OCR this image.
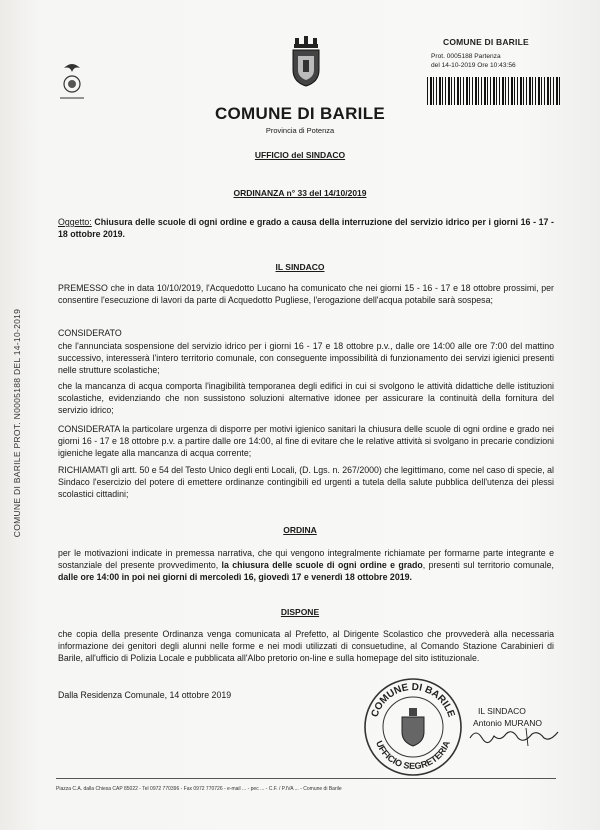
COMUNE DI BARILE PROT. N0005188 DEL 14-10-2019
COMUNE DI BARILE
Prot. 0005188 Partenza
del 14-10-2019 Ore 10:43:56
COMUNE DI BARILE
Provincia di Potenza
UFFICIO del SINDACO
ORDINANZA n° 33 del 14/10/2019
Oggetto: Chiusura delle scuole di ogni ordine e grado a causa della interruzione del servizio idrico per i giorni 16 - 17 - 18 ottobre 2019.
IL SINDACO
PREMESSO che in data 10/10/2019, l'Acquedotto Lucano ha comunicato che nei giorni 15 - 16 - 17 e 18 ottobre prossimi, per consentire l'esecuzione di lavori da parte di Acquedotto Pugliese, l'erogazione dell'acqua potabile sarà sospesa;
CONSIDERATO
che l'annunciata sospensione del servizio idrico per i giorni 16 - 17 e 18 ottobre p.v., dalle ore 14:00 alle ore 7:00 del mattino successivo, interesserà l'intero territorio comunale, con conseguente impossibilità di funzionamento dei servizi igienici presenti nelle strutture scolastiche;
che la mancanza di acqua comporta l'inagibilità temporanea degli edifici in cui si svolgono le attività didattiche delle istituzioni scolastiche, evidenziando che non sussistono soluzioni alternative idonee per assicurare la continuità della fornitura del servizio idrico;
CONSIDERATA la particolare urgenza di disporre per motivi igienico sanitari la chiusura delle scuole di ogni ordine e grado nei giorni 16 - 17 e 18 ottobre p.v. a partire dalle ore 14:00, al fine di evitare che le relative attività si svolgano in precarie condizioni igieniche legate alla mancanza di acqua corrente;
RICHIAMATI gli artt. 50 e 54 del Testo Unico degli enti Locali, (D. Lgs. n. 267/2000) che legittimano, come nel caso di specie, al Sindaco l'esercizio del potere di emettere ordinanze contingibili ed urgenti a tutela della salute pubblica dell'utenza dei plessi scolastici cittadini;
ORDINA
per le motivazioni indicate in premessa narrativa, che qui vengono integralmente richiamate per formarne parte integrante e sostanziale del presente provvedimento, la chiusura delle scuole di ogni ordine e grado, presenti sul territorio comunale, dalle ore 14:00 in poi nei giorni di mercoledì 16, giovedì 17 e venerdì 18 ottobre 2019.
DISPONE
che copia della presente Ordinanza venga comunicata al Prefetto, al Dirigente Scolastico che provvederà alla necessaria informazione dei genitori degli alunni nelle forme e nei modi utilizzati di consuetudine, al Comando Stazione Carabinieri di Barile, all'ufficio di Polizia Locale e pubblicata all'Albo pretorio on-line e sulla homepage del sito istituzionale.
Dalla Residenza Comunale, 14 ottobre 2019
COMUNE DI BARILE
UFFICIO SEGRETERIA
IL SINDACO
Antonio MURANO
Piazza C.A. dalla Chiesa CAP 85022 - Tel 0972 770396 - Fax 0972 770726 - e-mail ... - pec ... - C.F. / P.IVA ... - Comune di Barile
